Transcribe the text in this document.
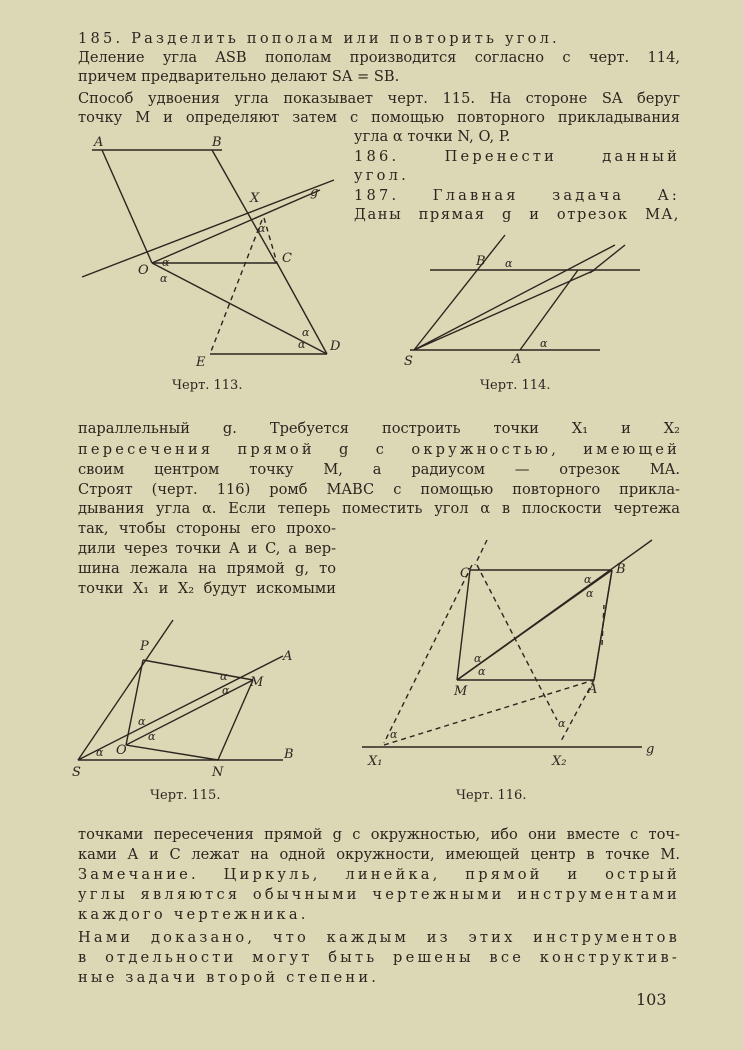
185. Разделить пополам или повторить угол.
Деление угла ASB пополам производится согласно с черт. 114,
причем предварительно делают SA = SB.
Способ удвоения угла показывает черт. 115. На стороне SA беруг
точку M и определяют затем с помощью повторного прикладывания
угла α точки N, O, P.
186. Перенести данный
угол.
187. Главная задача А:
Даны прямая g и отрезок MA,
A	B
X	g
O
C
E
D
α
α
α
α
α
Черт. 113.
S
B
A
α
α
Черт. 114.
параллельный g. Требуется построить точки X₁ и X₂
пересечения прямой g с окружностью, имеющей
своим центром точку M, а радиусом — отрезок MA.
Строят (черт. 116) ромб MABC с помощью повторного прикла-
дывания угла α. Если теперь поместить угол α в плоскости чертежа
так, чтобы стороны его прохо-
дили через точки A и C, а вер-
шина лежала на прямой g, то
точки X₁ и X₂ будут искомыми
P
A
M
O
S	N
B
α
α
α
α
α
Черт. 115.
C	B
A
M
g
X₁	X₂
α
α
α
α
α
α
Черт. 116.
точками пересечения прямой g с окружностью, ибо они вместе с точ-
ками A и C лежат на одной окружности, имеющей центр в точке M.
Замечание. Циркуль, линейка, прямой и острый
углы являются обычными чертежными инструментами
каждого чертежника.
Нами доказано, что каждым из этих инструментов
в отдельности могут быть решены все конструктив-
ные задачи второй степени.
103
